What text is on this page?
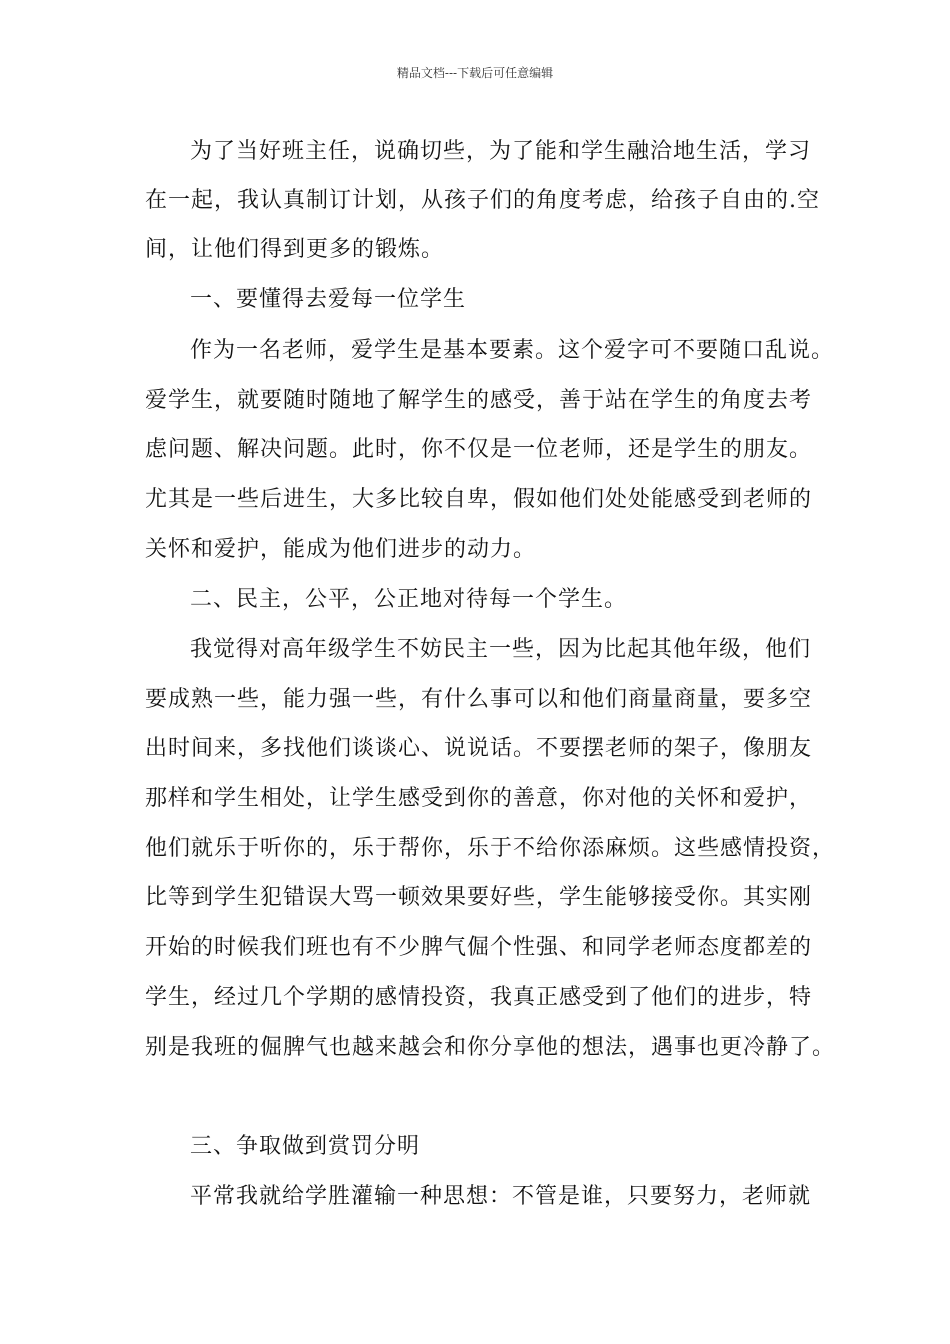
精品文档---下载后可任意编辑
为了当好班主任，说确切些，为了能和学生融洽地生活，学习
在一起，我认真制订计划，从孩子们的角度考虑，给孩子自由的.空
间，让他们得到更多的锻炼。
一、要懂得去爱每一位学生
作为一名老师，爱学生是基本要素。这个爱字可不要随口乱说。
爱学生，就要随时随地了解学生的感受，善于站在学生的角度去考
虑问题、解决问题。此时，你不仅是一位老师，还是学生的朋友。
尤其是一些后进生，大多比较自卑，假如他们处处能感受到老师的
关怀和爱护，能成为他们进步的动力。
二、民主，公平，公正地对待每一个学生。
我觉得对高年级学生不妨民主一些，因为比起其他年级，他们
要成熟一些，能力强一些，有什么事可以和他们商量商量，要多空
出时间来，多找他们谈谈心、说说话。不要摆老师的架子，像朋友
那样和学生相处，让学生感受到你的善意，你对他的关怀和爱护，
他们就乐于听你的，乐于帮你，乐于不给你添麻烦。这些感情投资，
比等到学生犯错误大骂一顿效果要好些，学生能够接受你。其实刚
开始的时候我们班也有不少脾气倔个性强、和同学老师态度都差的
学生，经过几个学期的感情投资，我真正感受到了他们的进步，特
别是我班的倔脾气也越来越会和你分享他的想法，遇事也更冷静了。
三、争取做到赏罚分明
平常我就给学胜灌输一种思想：不管是谁，只要努力，老师就
